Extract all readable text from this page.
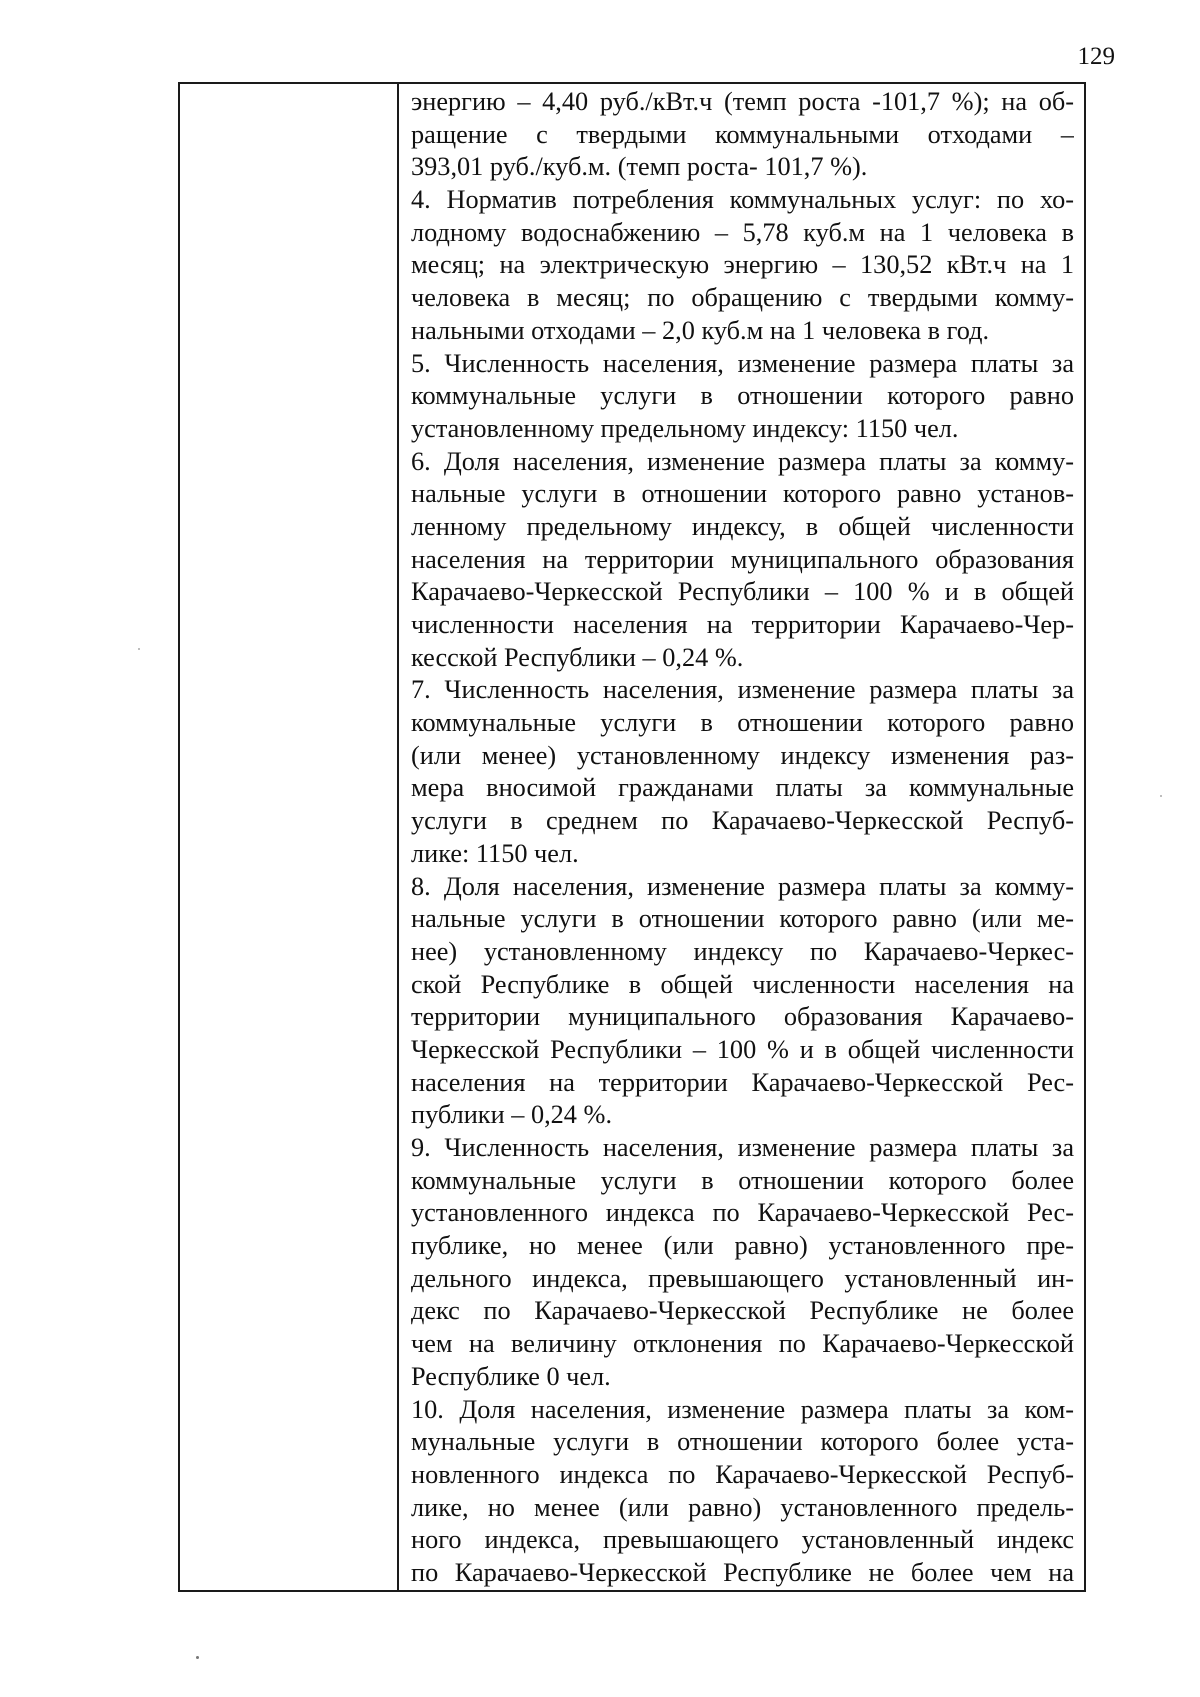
129
энергию – 4,40 руб./кВт.ч (темп роста -101,7 %); на об-
ращение с твердыми коммунальными отходами –
393,01 руб./куб.м. (темп роста- 101,7 %).
4. Норматив потребления коммунальных услуг: по хо-
лодному водоснабжению – 5,78 куб.м на 1 человека в
месяц; на электрическую энергию – 130,52 кВт.ч на 1
человека в месяц; по обращению с твердыми комму-
нальными отходами – 2,0 куб.м на 1 человека в год.
5. Численность населения, изменение размера платы за
коммунальные услуги в отношении которого равно
установленному предельному индексу: 1150 чел.
6. Доля населения, изменение размера платы за комму-
нальные услуги в отношении которого равно установ-
ленному предельному индексу, в общей численности
населения на территории муниципального образования
Карачаево-Черкесской Республики – 100 % и в общей
численности населения на территории Карачаево-Чер-
кесской Республики – 0,24 %.
7. Численность населения, изменение размера платы за
коммунальные услуги в отношении которого равно
(или менее) установленному индексу изменения раз-
мера вносимой гражданами платы за коммунальные
услуги в среднем по Карачаево-Черкесской Респуб-
лике: 1150 чел.
8. Доля населения, изменение размера платы за комму-
нальные услуги в отношении которого равно (или ме-
нее) установленному индексу по Карачаево-Черкес-
ской Республике в общей численности населения на
территории муниципального образования Карачаево-
Черкесской Республики – 100 % и в общей численности
населения на территории Карачаево-Черкесской Рес-
публики – 0,24 %.
9. Численность населения, изменение размера платы за
коммунальные услуги в отношении которого более
установленного индекса по Карачаево-Черкесской Рес-
публике, но менее (или равно) установленного пре-
дельного индекса, превышающего установленный ин-
декс по Карачаево-Черкесской Республике не более
чем на величину отклонения по Карачаево-Черкесской
Республике 0 чел.
10. Доля населения, изменение размера платы за ком-
мунальные услуги в отношении которого более уста-
новленного индекса по Карачаево-Черкесской Респуб-
лике, но менее (или равно) установленного предель-
ного индекса, превышающего установленный индекс
по Карачаево-Черкесской Республике не более чем на
